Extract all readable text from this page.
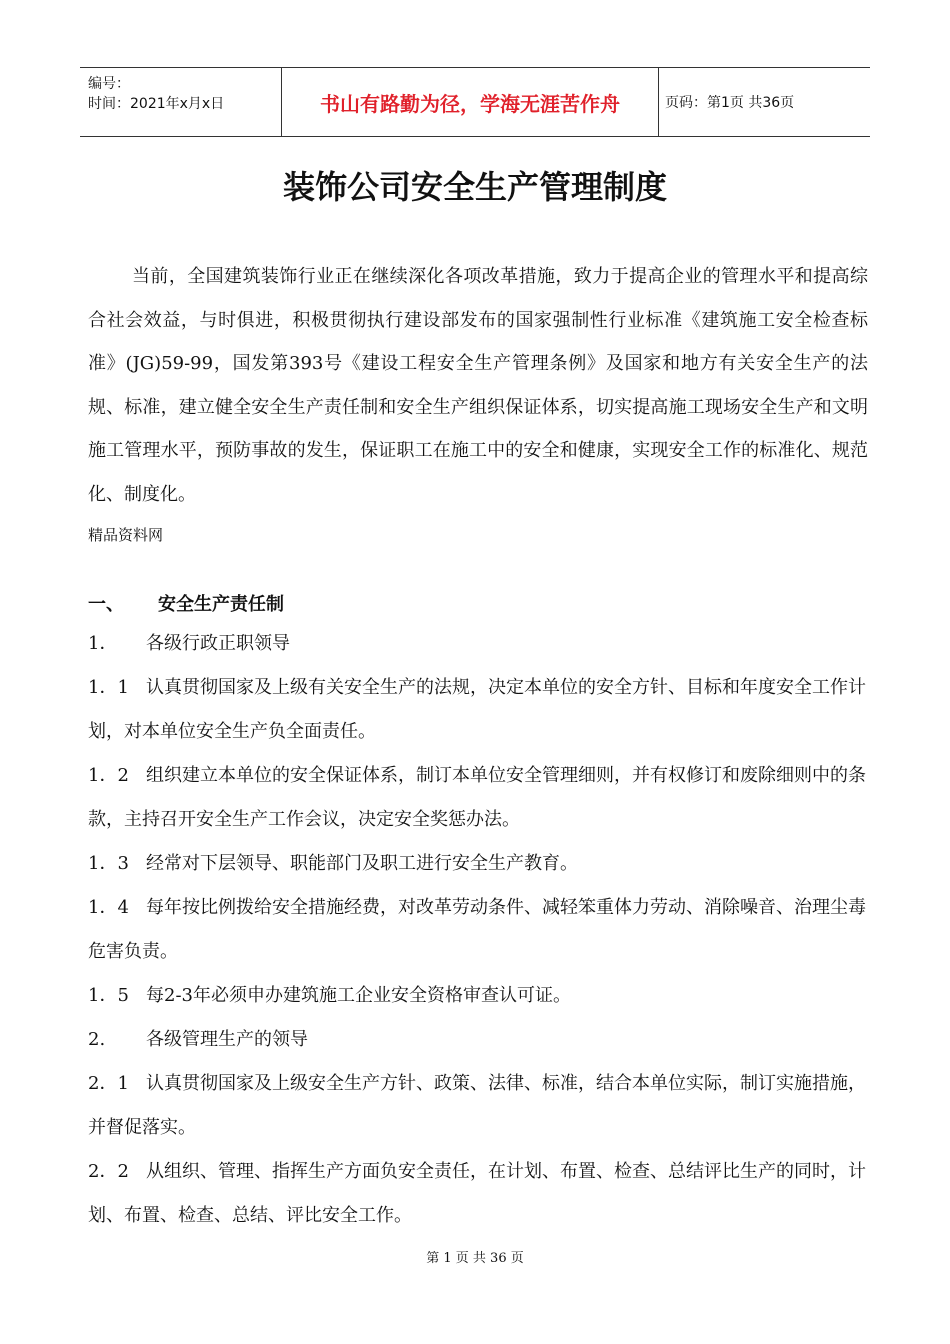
编号：
时间：2021年x月x日	书山有路勤为径，学海无涯苦作舟	页码：第1页 共36页
装饰公司安全生产管理制度
当前，全国建筑装饰行业正在继续深化各项改革措施，致力于提高企业的管理水平和提高综合社会效益，与时俱进，积极贯彻执行建设部发布的国家强制性行业标准《建筑施工安全检查标准》(JG)59-99，国发第393号《建设工程安全生产管理条例》及国家和地方有关安全生产的法规、标准，建立健全安全生产责任制和安全生产组织保证体系，切实提高施工现场安全生产和文明施工管理水平，预防事故的发生，保证职工在施工中的安全和健康，实现安全工作的标准化、规范化、制度化。
精品资料网
一、 安全生产责任制
1． 各级行政正职领导
1．1 认真贯彻国家及上级有关安全生产的法规，决定本单位的安全方针、目标和年度安全工作计划，对本单位安全生产负全面责任。
1．2 组织建立本单位的安全保证体系，制订本单位安全管理细则，并有权修订和废除细则中的条款，主持召开安全生产工作会议，决定安全奖惩办法。
1．3 经常对下层领导、职能部门及职工进行安全生产教育。
1．4 每年按比例拨给安全措施经费，对改革劳动条件、减轻笨重体力劳动、消除噪音、治理尘毒危害负责。
1．5 每2-3年必须申办建筑施工企业安全资格审查认可证。
2. 各级管理生产的领导
2．1 认真贯彻国家及上级安全生产方针、政策、法律、标准，结合本单位实际，制订实施措施，并督促落实。
2．2 从组织、管理、指挥生产方面负安全责任，在计划、布置、检查、总结评比生产的同时，计划、布置、检查、总结、评比安全工作。
第 1 页 共 36 页
